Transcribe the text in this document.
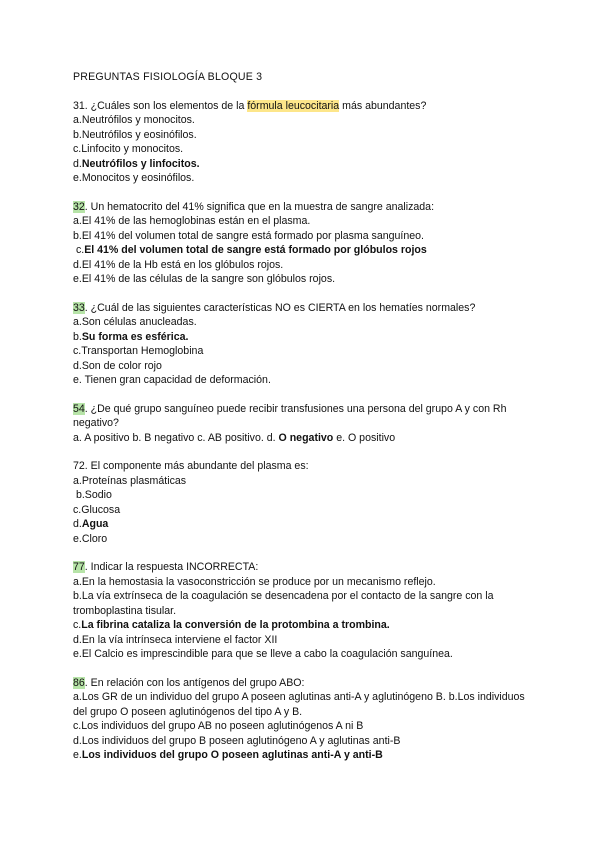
PREGUNTAS FISIOLOGÍA BLOQUE 3
31. ¿Cuáles son los elementos de la fórmula leucocitaria más abundantes?
a.Neutrófilos y monocitos.
b.Neutrófilos y eosinófilos.
c.Linfocito y monocitos.
d.Neutrófilos y linfocitos.
e.Monocitos y eosinófilos.
32. Un hematocrito del 41% significa que en la muestra de sangre analizada:
a.El 41% de las hemoglobinas están en el plasma.
b.El 41% del volumen total de sangre está formado por plasma sanguíneo.
c.El 41% del volumen total de sangre está formado por glóbulos rojos
d.El 41% de la Hb está en los glóbulos rojos.
e.El 41% de las células de la sangre son glóbulos rojos.
33. ¿Cuál de las siguientes características NO es CIERTA en los hematíes normales?
a.Son células anucleadas.
b.Su forma es esférica.
c.Transportan Hemoglobina
d.Son de color rojo
e. Tienen gran capacidad de deformación.
54. ¿De qué grupo sanguíneo puede recibir transfusiones una persona del grupo A y con Rh negativo?
a. A positivo b. B negativo c. AB positivo. d. O negativo e. O positivo
72. El componente más abundante del plasma es:
a.Proteínas plasmáticas
b.Sodio
c.Glucosa
d.Agua
e.Cloro
77. Indicar la respuesta INCORRECTA:
a.En la hemostasia la vasoconstricción se produce por un mecanismo reflejo.
b.La vía extrínseca de la coagulación se desencadena por el contacto de la sangre con la tromboplastina tisular.
c.La fibrina cataliza la conversión de la protombina a trombina.
d.En la vía intrínseca interviene el factor XII
e.El Calcio es imprescindible para que se lleve a cabo la coagulación sanguínea.
86. En relación con los antígenos del grupo ABO:
a.Los GR de un individuo del grupo A poseen aglutinas anti-A y aglutinógeno B. b.Los individuos del grupo O poseen aglutinógenos del tipo A y B.
c.Los individuos del grupo AB no poseen aglutinógenos A ni B
d.Los individuos del grupo B poseen aglutinógeno A y aglutinas anti-B
e.Los individuos del grupo O poseen aglutinas anti-A y anti-B
